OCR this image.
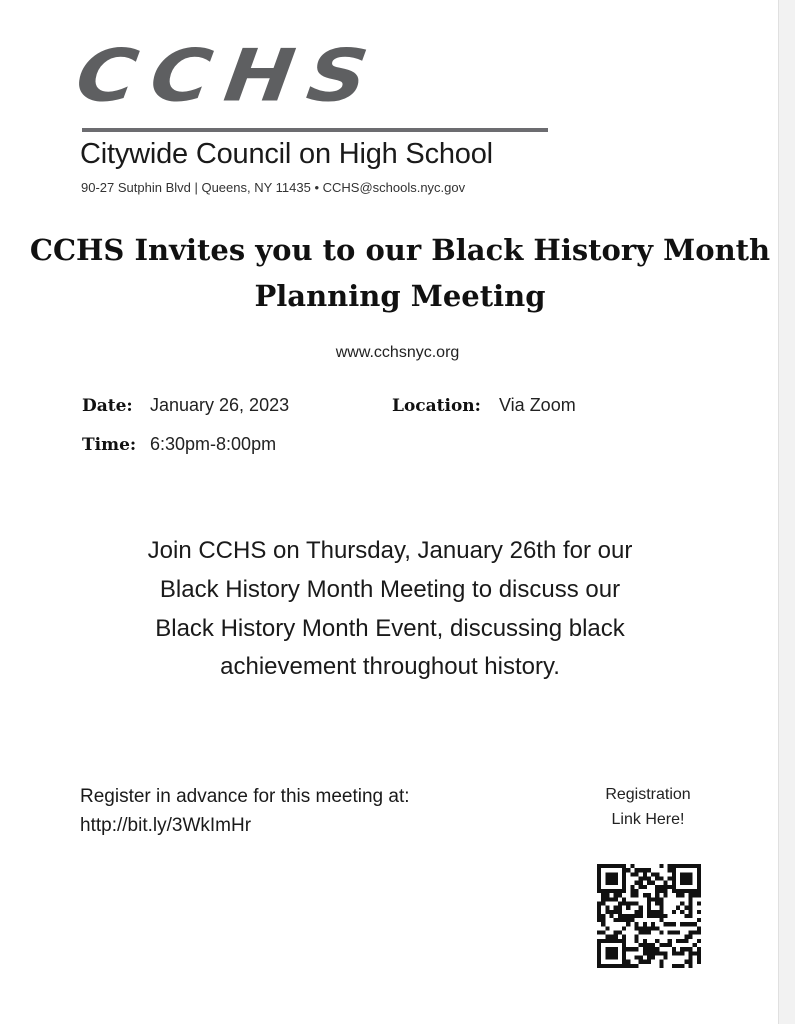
CCHS
Citywide Council on High School
90-27 Sutphin Blvd | Queens, NY 11435 • CCHS@schools.nyc.gov
CCHS Invites you to our Black History Month
Planning Meeting
www.cchsnyc.org
Date: January 26, 2023	Location: Via Zoom
Time: 6:30pm-8:00pm
Join CCHS on Thursday, January 26th for our
Black History Month Meeting to discuss our
Black History Month Event, discussing black
achievement throughout history.
Register in advance for this meeting at:
http://bit.ly/3WkImHr
Registration
Link Here!
